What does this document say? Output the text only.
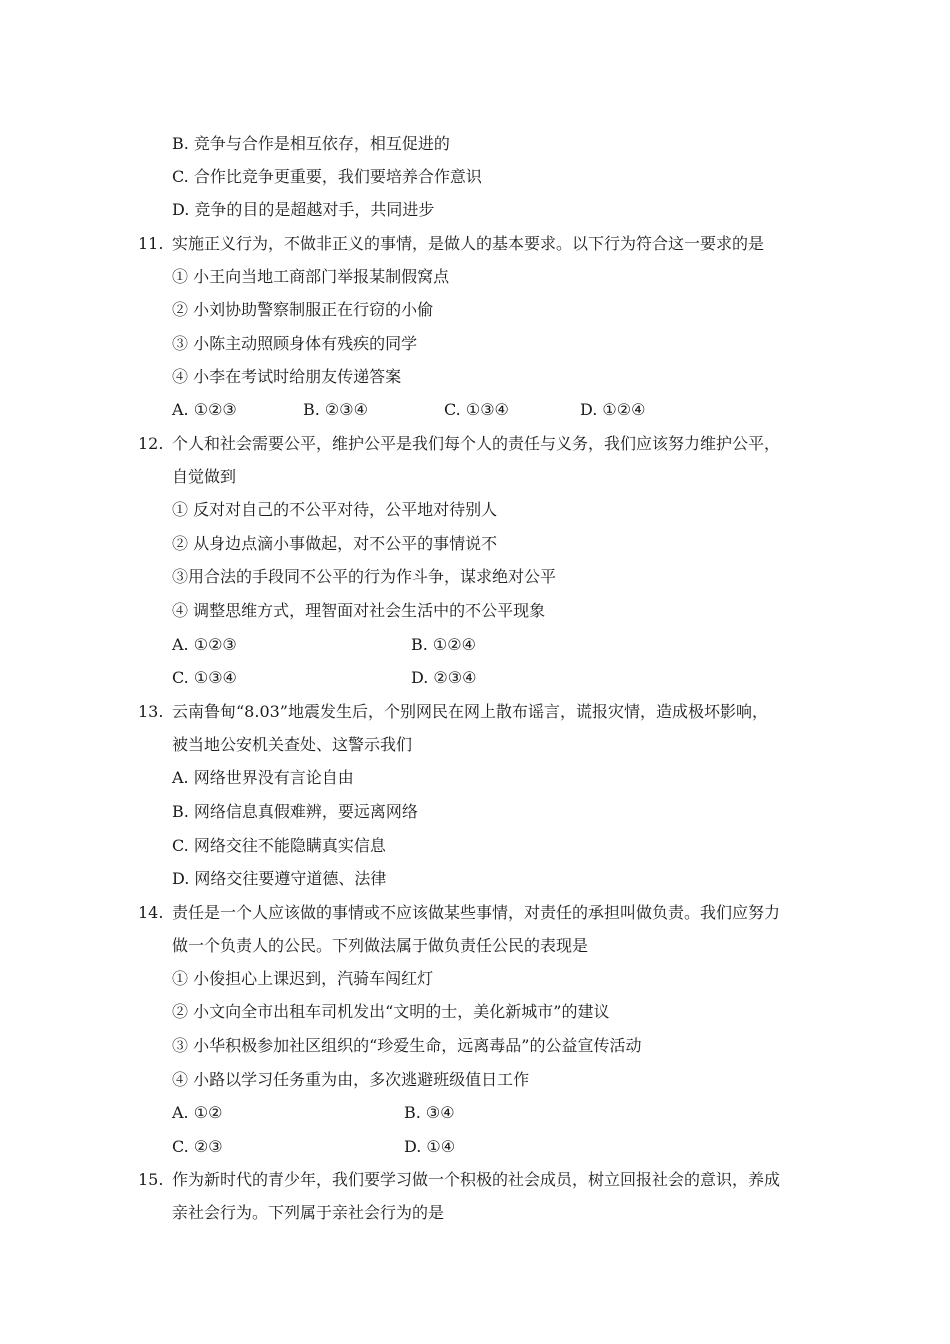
B. 竞争与合作是相互依存，相互促进的
C. 合作比竞争更重要，我们要培养合作意识
D. 竞争的目的是超越对手，共同进步
11. 实施正义行为，不做非正义的事情，是做人的基本要求。以下行为符合这一要求的是
① 小王向当地工商部门举报某制假窝点
② 小刘协助警察制服正在行窃的小偷
③ 小陈主动照顾身体有残疾的同学
④ 小李在考试时给朋友传递答案
A. ①②③	B. ②③④	C. ①③④	D. ①②④
12. 个人和社会需要公平，维护公平是我们每个人的责任与义务，我们应该努力维护公平，
自觉做到
① 反对对自己的不公平对待，公平地对待别人
② 从身边点滴小事做起，对不公平的事情说不
③用合法的手段同不公平的行为作斗争，谋求绝对公平
④ 调整思维方式，理智面对社会生活中的不公平现象
A. ①②③	B. ①②④
C. ①③④	D. ②③④
13. 云南鲁甸“8.03”地震发生后，个别网民在网上散布谣言，谎报灾情，造成极坏影响，
被当地公安机关查处、这警示我们
A. 网络世界没有言论自由
B. 网络信息真假难辨，要远离网络
C. 网络交往不能隐瞒真实信息
D. 网络交往要遵守道德、法律
14. 责任是一个人应该做的事情或不应该做某些事情，对责任的承担叫做负责。我们应努力
做一个负责人的公民。下列做法属于做负责任公民的表现是
① 小俊担心上课迟到，汽骑车闯红灯
② 小文向全市出租车司机发出“文明的士，美化新城市”的建议
③ 小华积极参加社区组织的“珍爱生命，远离毒品”的公益宣传活动
④ 小路以学习任务重为由，多次逃避班级值日工作
A. ①②	B. ③④
C. ②③	D. ①④
15. 作为新时代的青少年，我们要学习做一个积极的社会成员，树立回报社会的意识，养成
亲社会行为。下列属于亲社会行为的是
